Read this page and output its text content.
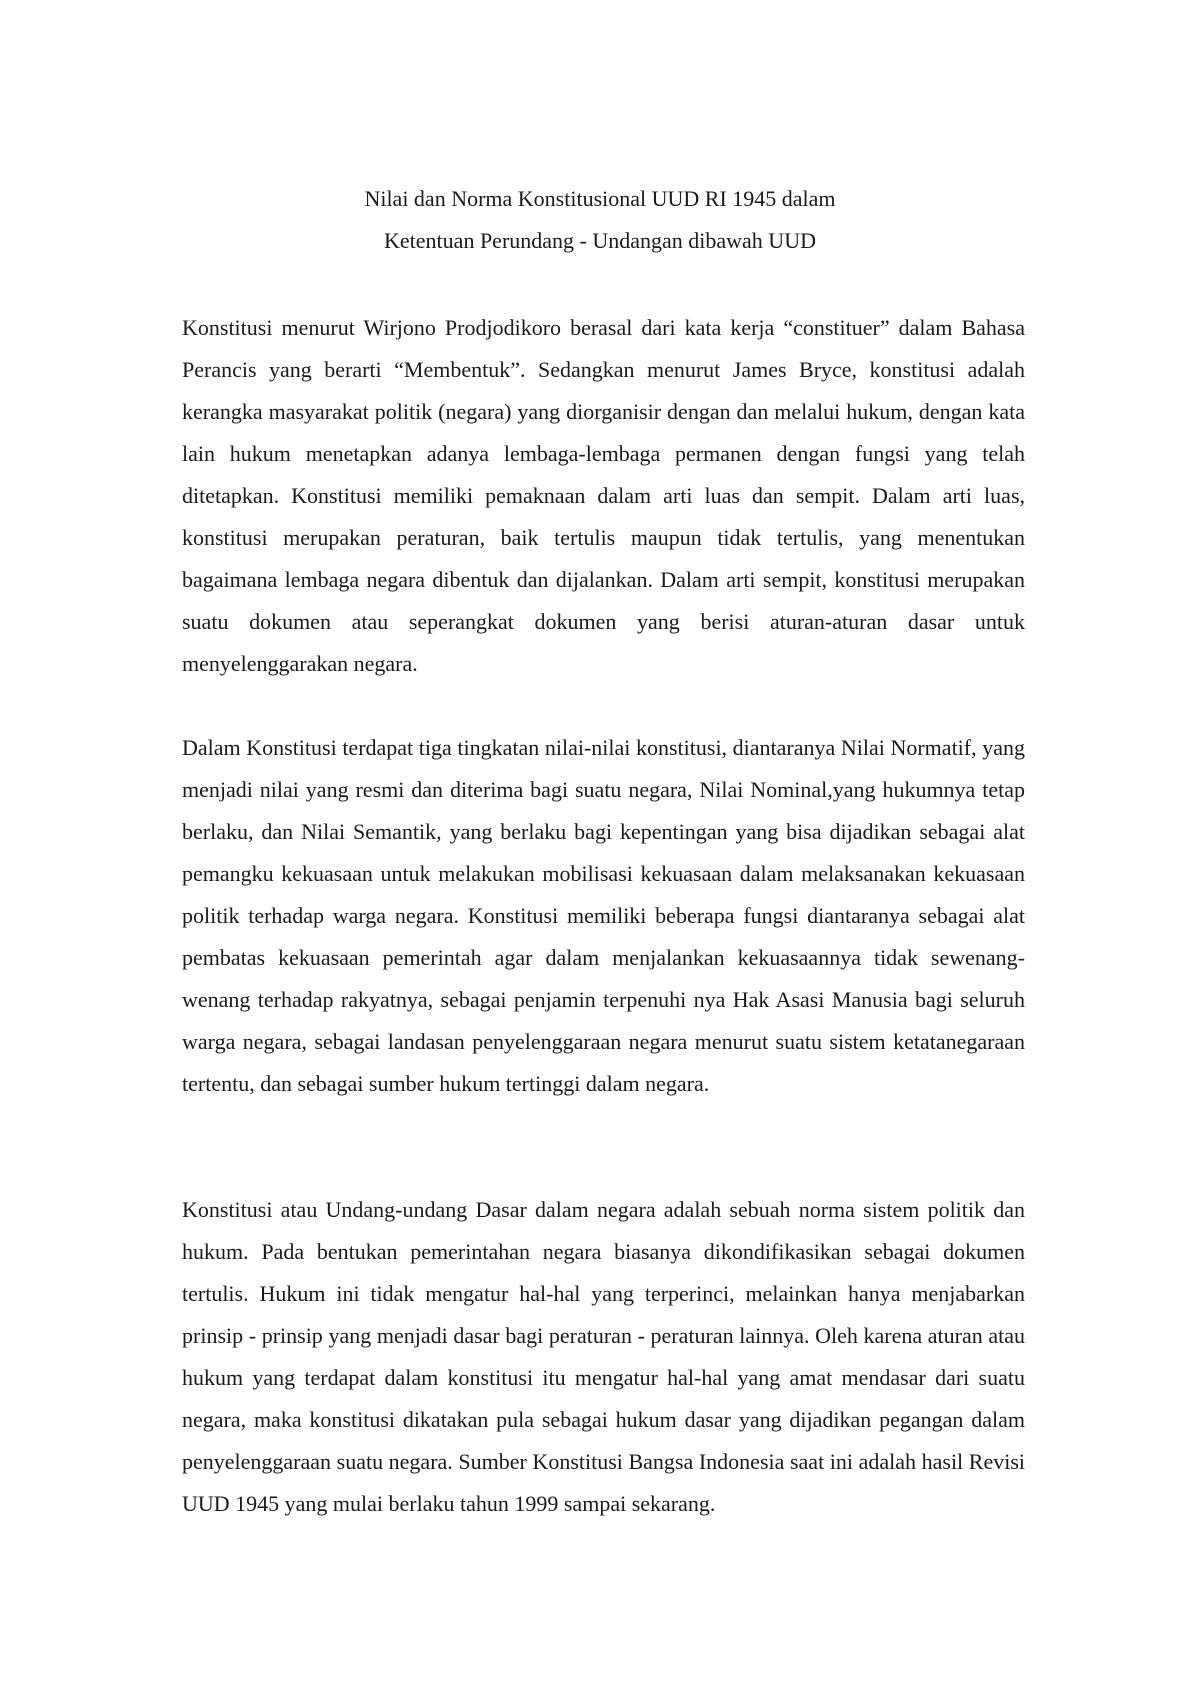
Nilai dan Norma Konstitusional UUD RI 1945 dalam
Ketentuan Perundang - Undangan dibawah UUD

Konstitusi menurut Wirjono Prodjodikoro berasal dari kata kerja “constituer” dalam Bahasa Perancis yang berarti “Membentuk”. Sedangkan menurut James Bryce, konstitusi adalah kerangka masyarakat politik (negara) yang diorganisir dengan dan melalui hukum, dengan kata lain hukum menetapkan adanya lembaga-lembaga permanen dengan fungsi yang telah ditetapkan. Konstitusi memiliki pemaknaan dalam arti luas dan sempit. Dalam arti luas, konstitusi merupakan peraturan, baik tertulis maupun tidak tertulis, yang menentukan bagaimana lembaga negara dibentuk dan dijalankan. Dalam arti sempit, konstitusi merupakan suatu dokumen atau seperangkat dokumen yang berisi aturan-aturan dasar untuk menyelenggarakan negara.

Dalam Konstitusi terdapat tiga tingkatan nilai-nilai konstitusi, diantaranya Nilai Normatif, yang menjadi nilai yang resmi dan diterima bagi suatu negara, Nilai Nominal,yang hukumnya tetap berlaku, dan Nilai Semantik, yang berlaku bagi kepentingan yang bisa dijadikan sebagai alat pemangku kekuasaan untuk melakukan mobilisasi kekuasaan dalam melaksanakan kekuasaan politik terhadap warga negara. Konstitusi memiliki beberapa fungsi diantaranya sebagai alat pembatas kekuasaan pemerintah agar dalam menjalankan kekuasaannya tidak sewenang-wenang terhadap rakyatnya, sebagai penjamin terpenuhi nya Hak Asasi Manusia bagi seluruh warga negara, sebagai landasan penyelenggaraan negara menurut suatu sistem ketatanegaraan tertentu, dan sebagai sumber hukum tertinggi dalam negara.

Konstitusi atau Undang-undang Dasar dalam negara adalah sebuah norma sistem politik dan hukum. Pada bentukan pemerintahan negara biasanya dikondifikasikan sebagai dokumen tertulis. Hukum ini tidak mengatur hal-hal yang terperinci, melainkan hanya menjabarkan prinsip - prinsip yang menjadi dasar bagi peraturan - peraturan lainnya. Oleh karena aturan atau hukum yang terdapat dalam konstitusi itu mengatur hal-hal yang amat mendasar dari suatu negara, maka konstitusi dikatakan pula sebagai hukum dasar yang dijadikan pegangan dalam penyelenggaraan suatu negara. Sumber Konstitusi Bangsa Indonesia saat ini adalah hasil Revisi UUD 1945 yang mulai berlaku tahun 1999 sampai sekarang.
